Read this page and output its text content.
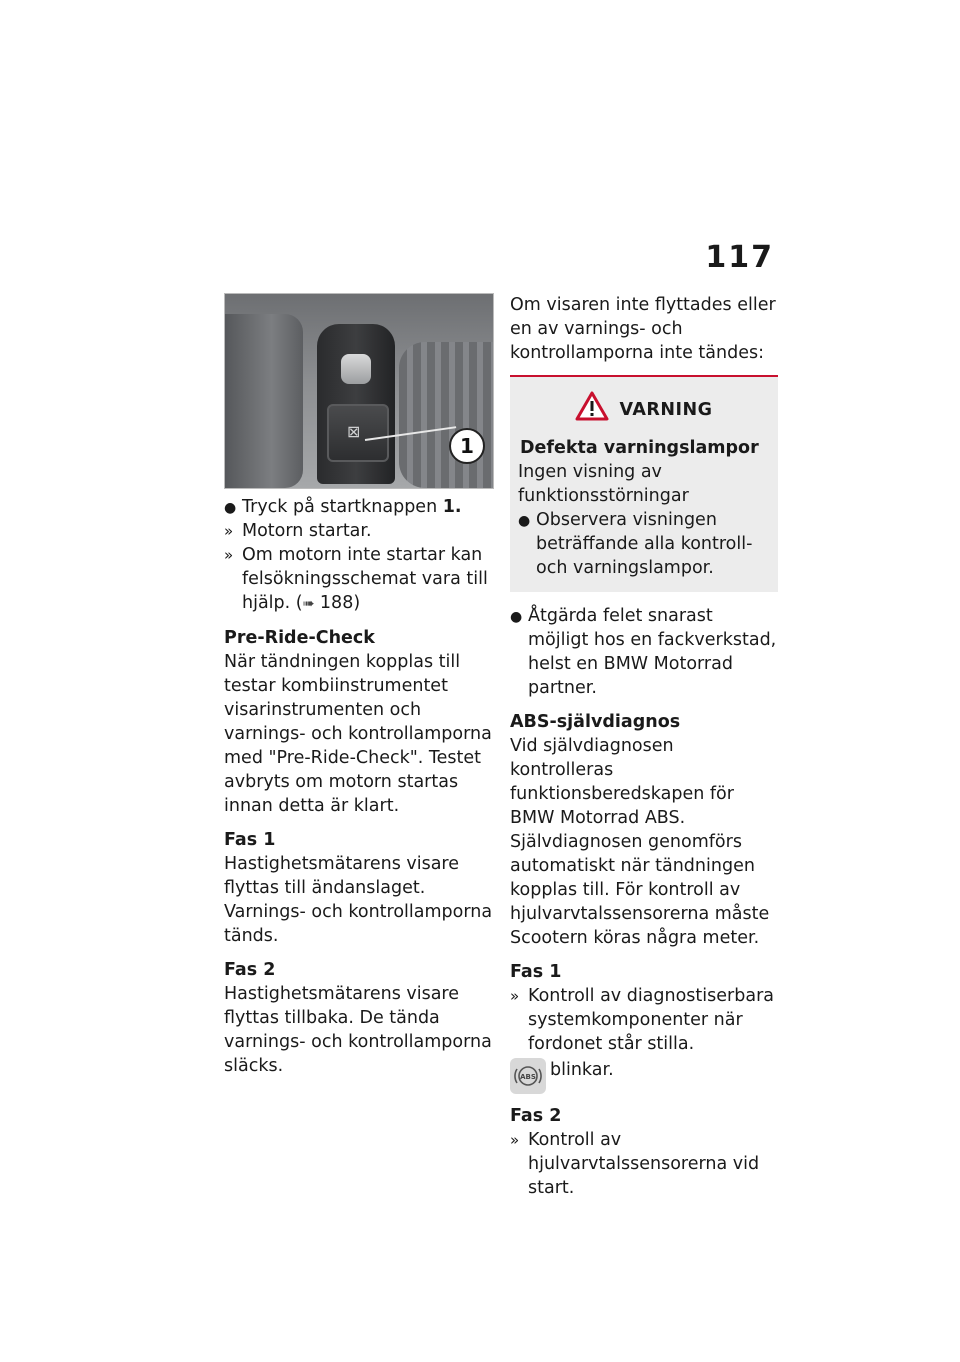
117
⊠
1
● Tryck på startknappen 1.
» Motorn startar.
» Om motorn inte startar kan felsökningsschemat vara till hjälp. (➠ 188)
Pre-Ride-Check

När tändningen kopplas till testar kombiinstrumentet visarinstrumenten och varnings- och kontrollamporna med "Pre-Ride-Check". Testet avbryts om motorn startas innan detta är klart.

Fas 1

Hastighetsmätarens visare flyttas till ändanslaget. Varnings- och kontrollamporna tänds.

Fas 2

Hastighetsmätarens visare flyttas tillbaka. De tända varnings- och kontrollamporna släcks.

Om visaren inte flyttades eller en av varnings- och kontrollamporna inte tändes:

VARNING
Defekta varningslampor
Ingen visning av funktionsstörningar
● Observera visningen beträffande alla kontroll- och varningslampor.
● Åtgärda felet snarast möjligt hos en fackverkstad, helst en BMW Motorrad partner.
ABS-självdiagnos

Vid självdiagnosen kontrolleras funktionsberedskapen för BMW Motorrad ABS. Självdiagnosen genomförs automatiskt när tändningen kopplas till. För kontroll av hjulvarvtalssensorerna måste Scootern köras några meter.

Fas 1
» Kontroll av diagnostiserbara systemkomponenter när fordonet står stilla.
ABS blinkar.
Fas 2
» Kontroll av hjulvarvtalssensorerna vid start.
